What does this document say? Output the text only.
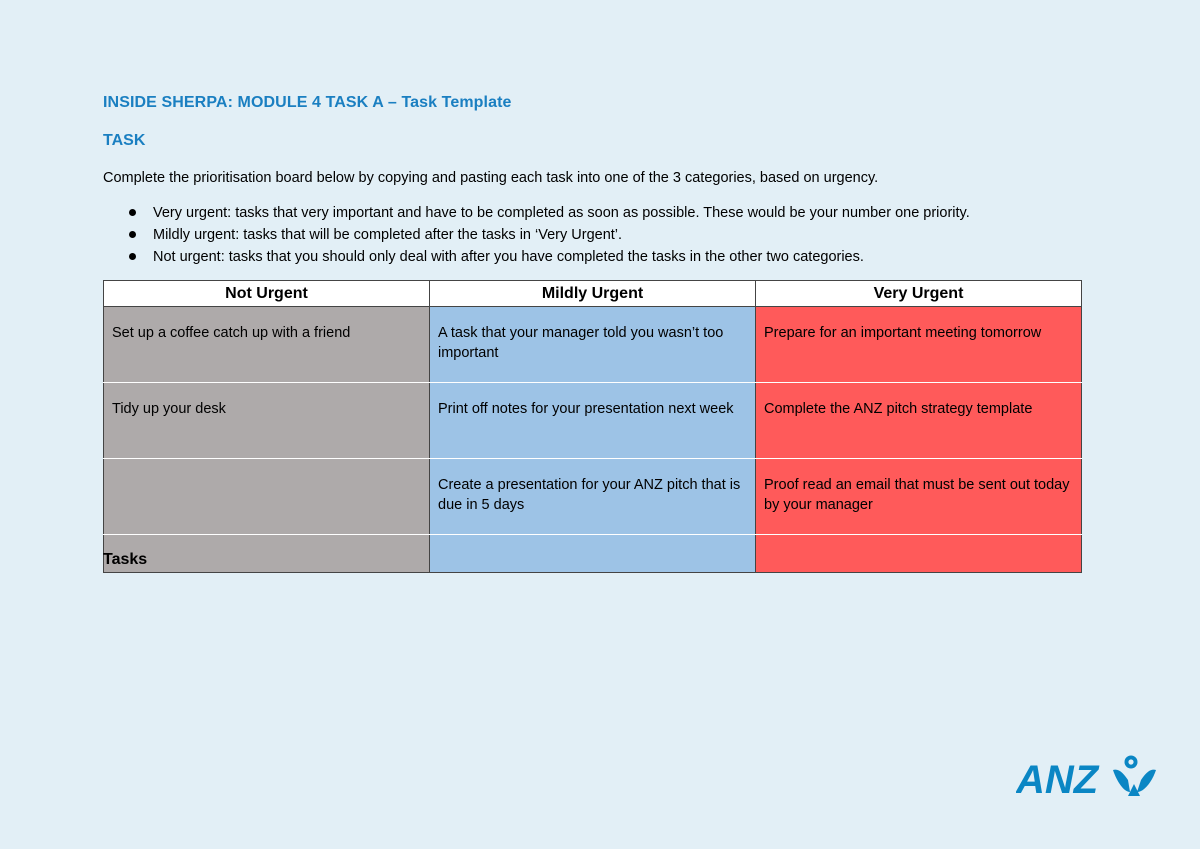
INSIDE SHERPA: MODULE 4 TASK A – Task Template
TASK
Complete the prioritisation board below by copying and pasting each task into one of the 3 categories, based on urgency.
Very urgent: tasks that very important and have to be completed as soon as possible. These would be your number one priority.
Mildly urgent: tasks that will be completed after the tasks in ‘Very Urgent’.
Not urgent: tasks that you should only deal with after you have completed the tasks in the other two categories.
Not Urgent	Mildly Urgent	Very Urgent
Set up a coffee catch up with a friend	A task that your manager told you wasn’t too important	Prepare for an important meeting tomorrow
Tidy up your desk	Print off notes for your presentation next week	Complete the ANZ pitch strategy template
	Create a presentation for your ANZ pitch that is due in 5 days	Proof read an email that must be sent out today by your manager

Tasks
ANZ
